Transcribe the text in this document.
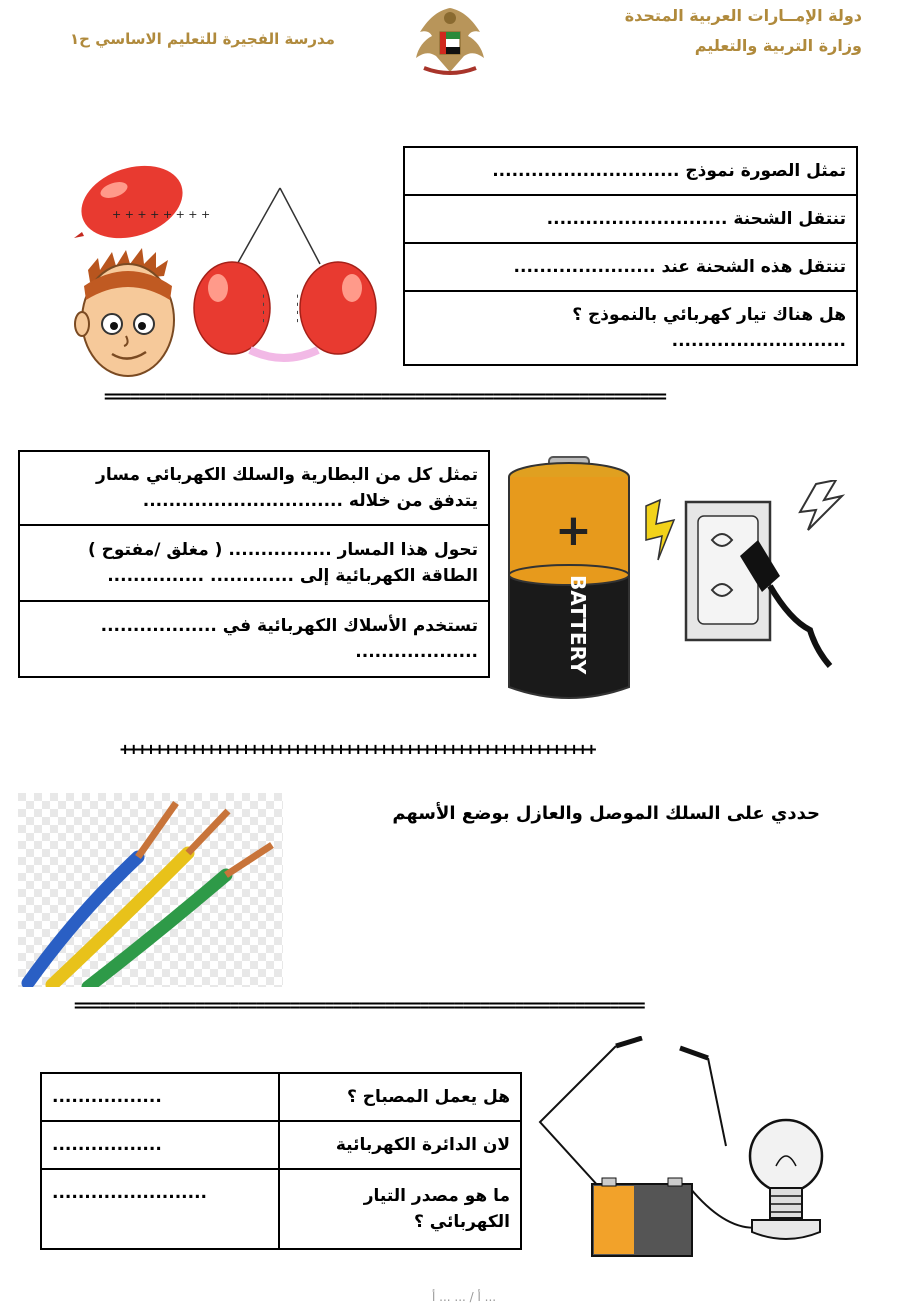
دولة الإمــارات العربية المتحدة
وزارة التربية والتعليم
مدرسة الفجيرة للتعليم الاساسي ح١
تمثل الصورة نموذج .............................
تنتقل الشحنة ............................
تنتقل هذه الشحنة عند ......................

هل هناك تيار كهربائي بالنموذج ؟
...........................
+ + + + + + + +
- - - - - - - -
=================================================================
تمثل كل من البطارية والسلك الكهربائي مسار
يتدفق من خلاله ...............................

تحول هذا المسار ................ ( مغلق /مفتوح )
الطاقة الكهربائية إلى ............. ...............

تستخدم الأسلاك الكهربائية في ..................
...................
+
BATTERY
+++++++++++++++++++++++++++++++++++++++++++++++++++++++
حددي على السلك الموصل والعازل بوضع الأسهم
==================================================================
هل يعمل المصباح ؟	.................
لان الدائرة الكهربائية	.................

ما هو مصدر التيار
الكهربائي ؟	........................
أ / ... ... أ ...
